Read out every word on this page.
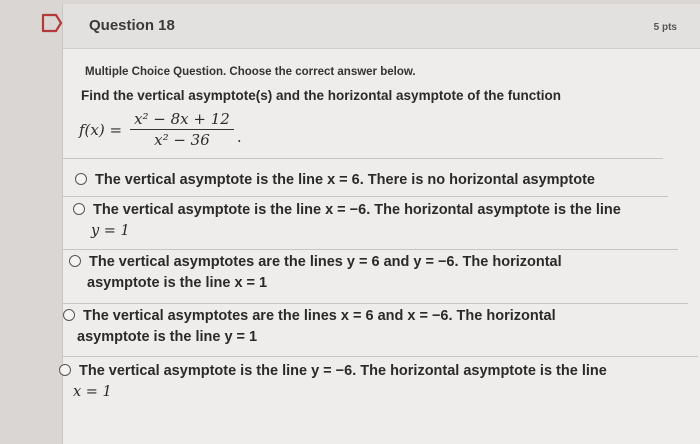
Question 18	5 pts
Multiple Choice Question. Choose the correct answer below.
Find the vertical asymptote(s) and the horizontal asymptote of the function
$f(x) = \frac{\text{x² − 8x + 12}}{\text{x² − 36}}$ .
The vertical asymptote is the line x = 6. There is no horizontal asymptote
The vertical asymptote is the line x = −6. The horizontal asymptote is the line
y = 1
The vertical asymptotes are the lines y = 6 and y = −6. The horizontal
asymptote is the line x = 1
The vertical asymptotes are the lines x = 6 and x = −6. The horizontal
asymptote is the line y = 1
The vertical asymptote is the line y = −6. The horizontal asymptote is the line
x = 1
